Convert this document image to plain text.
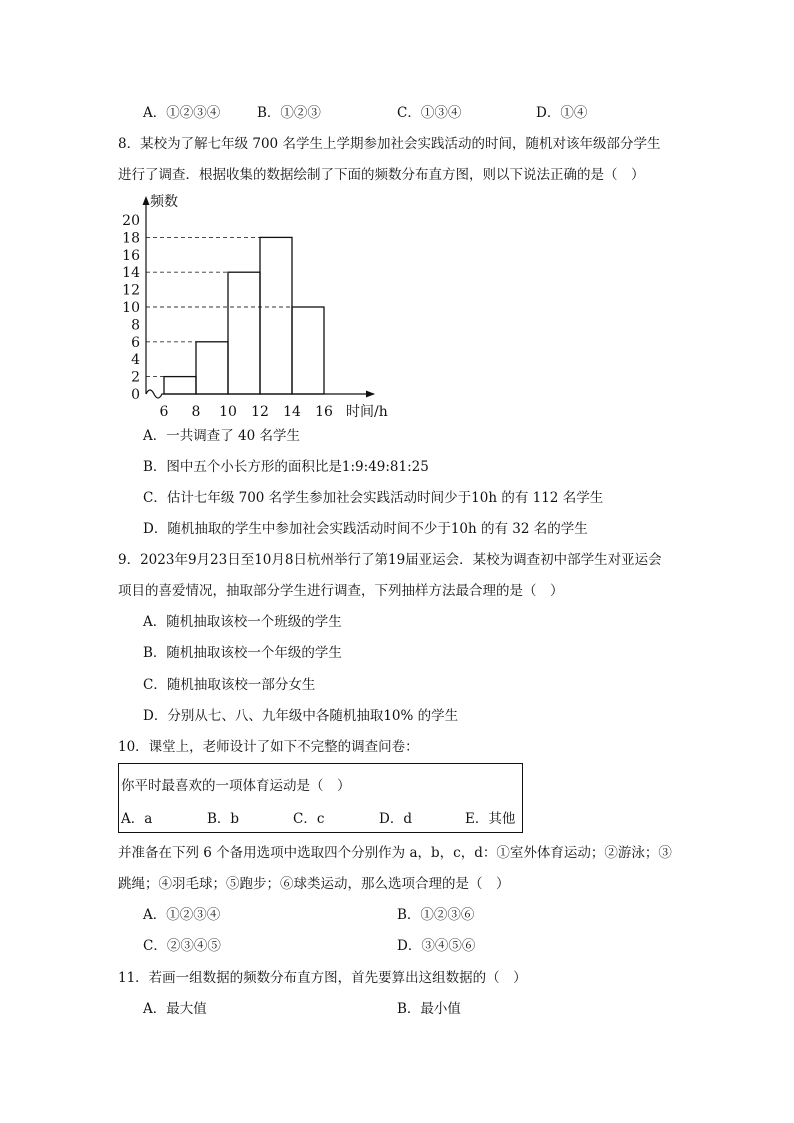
A．①②③④	B．①②③	C．①③④	D．①④
8．某校为了解七年级 700 名学生上学期参加社会实践活动的时间，随机对该年级部分学生
进行了调查．根据收集的数据绘制了下面的频数分布直方图，则以下说法正确的是（　）
0
2
4
6
8
10
12
14
16
18
20
6 8 10 12 14 16
频数
时间/h
A．一共调查了 40 名学生
B．图中五个小长方形的面积比是1:9:49:81:25
C．估计七年级 700 名学生参加社会实践活动时间少于10h 的有 112 名学生
D．随机抽取的学生中参加社会实践活动时间不少于10h 的有 32 名的学生
9．2023年9月23日至10月8日杭州举行了第19届亚运会．某校为调查初中部学生对亚运会
项目的喜爱情况，抽取部分学生进行调查，下列抽样方法最合理的是（　）
A．随机抽取该校一个班级的学生
B．随机抽取该校一个年级的学生
C．随机抽取该校一部分女生
D．分别从七、八、九年级中各随机抽取10% 的学生
10．课堂上，老师设计了如下不完整的调查问卷：
你平时最喜欢的一项体育运动是（　）
A．a	B．b	C．c	D．d	E．其他
并准备在下列 6 个备用选项中选取四个分别作为 a，b，c，d：①室外体育运动；②游泳；③
跳绳；④羽毛球；⑤跑步；⑥球类运动，那么选项合理的是（　）
A．①②③④	B．①②③⑥
C．②③④⑤	D．③④⑤⑥
11．若画一组数据的频数分布直方图，首先要算出这组数据的（　）
A．最大值	B．最小值
